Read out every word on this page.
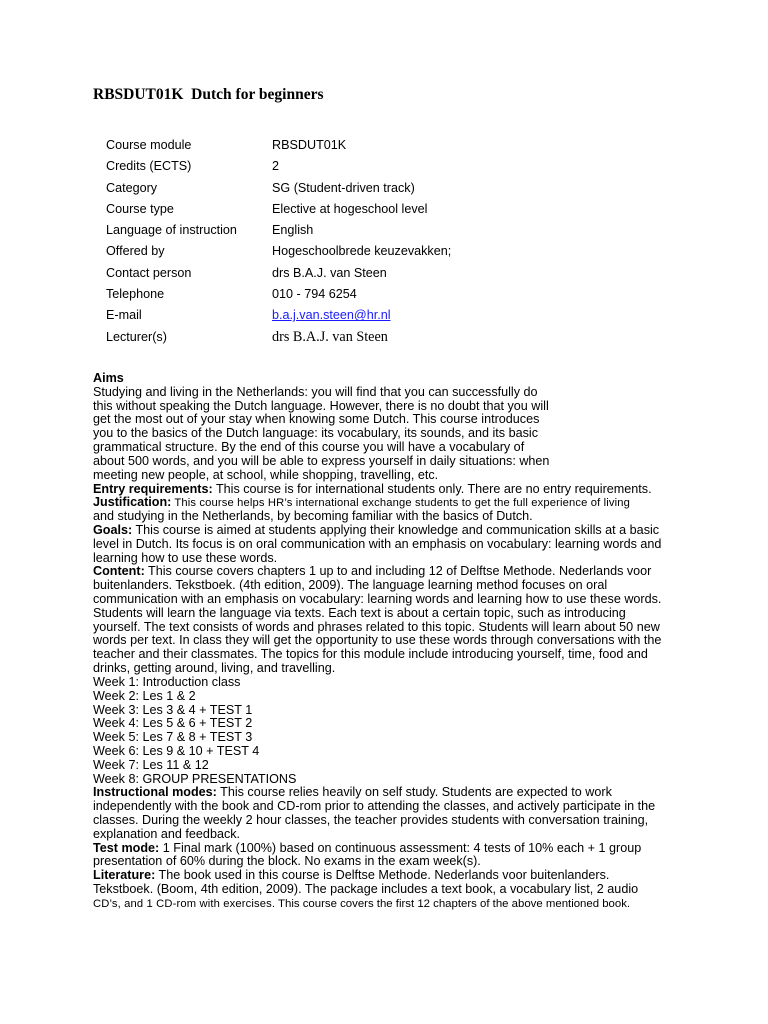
RBSDUT01K  Dutch for beginners
Course module	RBSDUT01K
Credits (ECTS)	2
Category	SG (Student-driven track)
Course type	Elective at hogeschool level
Language of instruction	English
Offered by	Hogeschoolbrede keuzevakken;
Contact person	drs B.A.J. van Steen
Telephone	010 - 794 6254
E-mail	b.a.j.van.steen@hr.nl
Lecturer(s)	drs B.A.J. van Steen
Aims
Studying and living in the Netherlands: you will find that you can successfully do
this without speaking the Dutch language. However, there is no doubt that you will
get the most out of your stay when knowing some Dutch. This course introduces
you to the basics of the Dutch language: its vocabulary, its sounds, and its basic
grammatical structure. By the end of this course you will have a vocabulary of
about 500 words, and you will be able to express yourself in daily situations: when
meeting new people, at school, while shopping, travelling, etc.
Entry requirements: This course is for international students only. There are no entry requirements.
Justification: This course helps HR’s international exchange students to get the full experience of living
and studying in the Netherlands, by becoming familiar with the basics of Dutch.
Goals: This course is aimed at students applying their knowledge and communication skills at a basic
level in Dutch. Its focus is on oral communication with an emphasis on vocabulary: learning words and
learning how to use these words.
Content: This course covers chapters 1 up to and including 12 of Delftse Methode. Nederlands voor
buitenlanders. Tekstboek. (4th edition, 2009). The language learning method focuses on oral
communication with an emphasis on vocabulary: learning words and learning how to use these words.
Students will learn the language via texts. Each text is about a certain topic, such as introducing
yourself. The text consists of words and phrases related to this topic. Students will learn about 50 new
words per text. In class they will get the opportunity to use these words through conversations with the
teacher and their classmates. The topics for this module include introducing yourself, time, food and
drinks, getting around, living, and travelling.
Week 1: Introduction class
Week 2: Les 1 & 2
Week 3: Les 3 & 4 + TEST 1
Week 4: Les 5 & 6 + TEST 2
Week 5: Les 7 & 8 + TEST 3
Week 6: Les 9 & 10 + TEST 4
Week 7: Les 11 & 12
Week 8: GROUP PRESENTATIONS
Instructional modes: This course relies heavily on self study. Students are expected to work
independently with the book and CD-rom prior to attending the classes, and actively participate in the
classes. During the weekly 2 hour classes, the teacher provides students with conversation training,
explanation and feedback.
Test mode: 1 Final mark (100%) based on continuous assessment: 4 tests of 10% each + 1 group
presentation of 60% during the block. No exams in the exam week(s).
Literature: The book used in this course is Delftse Methode. Nederlands voor buitenlanders.
Tekstboek. (Boom, 4th edition, 2009). The package includes a text book, a vocabulary list, 2 audio
CD’s, and 1 CD-rom with exercises. This course covers the first 12 chapters of the above mentioned book.
